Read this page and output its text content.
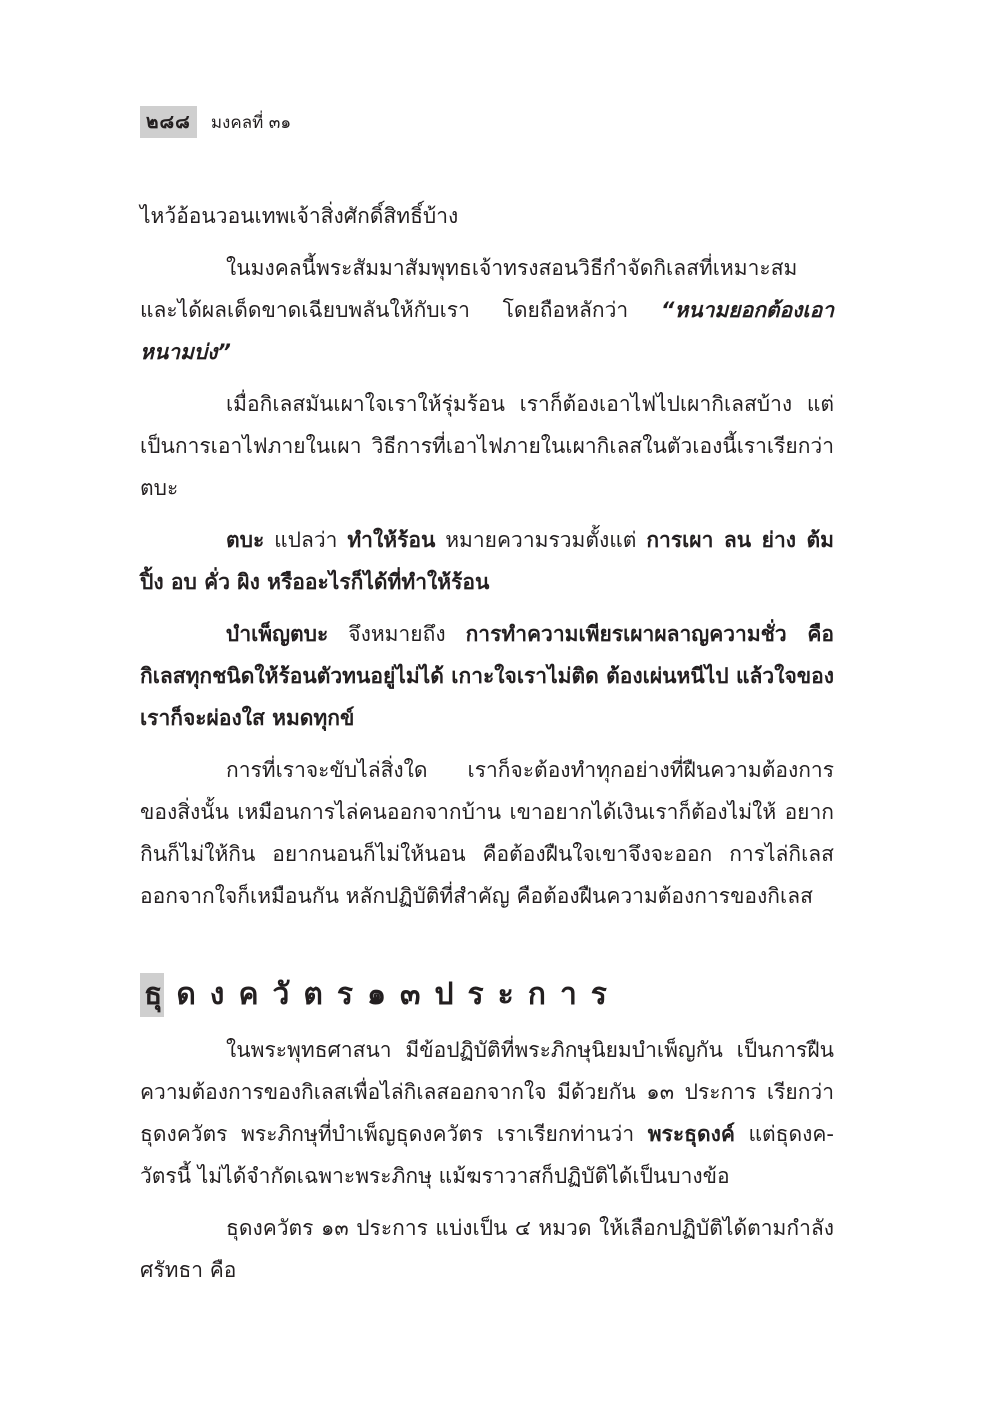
๒๘๘	มงคลที่ ๓๑

ไหว้อ้อนวอนเทพเจ้าสิ่งศักดิ์สิทธิ์บ้าง

ในมงคลนี้พระสัมมาสัมพุทธเจ้าทรงสอนวิธีกำจัดกิเลสที่เหมาะสมและได้ผลเด็ดขาดเฉียบพลันให้กับเรา โดยถือหลักว่า “หนามยอกต้องเอาหนามบ่ง”

เมื่อกิเลสมันเผาใจเราให้รุ่มร้อน เราก็ต้องเอาไฟไปเผากิเลสบ้าง แต่เป็นการเอาไฟภายในเผา วิธีการที่เอาไฟภายในเผากิเลสในตัวเองนี้เราเรียกว่า ตบะ

ตบะ แปลว่า ทำให้ร้อน หมายความรวมตั้งแต่ การเผา ลน ย่าง ต้ม ปิ้ง อบ คั่ว ผิง หรืออะไรก็ได้ที่ทำให้ร้อน

บำเพ็ญตบะ จึงหมายถึง การทำความเพียรเผาผลาญความชั่ว คือ กิเลสทุกชนิดให้ร้อนตัวทนอยู่ไม่ได้ เกาะใจเราไม่ติด ต้องเผ่นหนีไป แล้วใจของเราก็จะผ่องใส หมดทุกข์

การที่เราจะขับไล่สิ่งใด เราก็จะต้องทำทุกอย่างที่ฝืนความต้องการของสิ่งนั้น เหมือนการไล่คนออกจากบ้าน เขาอยากได้เงินเราก็ต้องไม่ให้ อยากกินก็ไม่ให้กิน อยากนอนก็ไม่ให้นอน คือต้องฝืนใจเขาจึงจะออก การไล่กิเลสออกจากใจก็เหมือนกัน หลักปฏิบัติที่สำคัญ คือต้องฝืนความต้องการของกิเลส

ธุ ดงควัตร๑๓ประการ

ในพระพุทธศาสนา มีข้อปฏิบัติที่พระภิกษุนิยมบำเพ็ญกัน เป็นการฝืนความต้องการของกิเลสเพื่อไล่กิเลสออกจากใจ มีด้วยกัน ๑๓ ประการ เรียกว่า ธุดงควัตร พระภิกษุที่บำเพ็ญธุดงควัตร เราเรียกท่านว่า พระธุดงค์ แต่ธุดงค-วัตรนี้ ไม่ได้จำกัดเฉพาะพระภิกษุ แม้ฆราวาสก็ปฏิบัติได้เป็นบางข้อ

ธุดงควัตร ๑๓ ประการ แบ่งเป็น ๔ หมวด ให้เลือกปฏิบัติได้ตามกำลังศรัทธา คือ
